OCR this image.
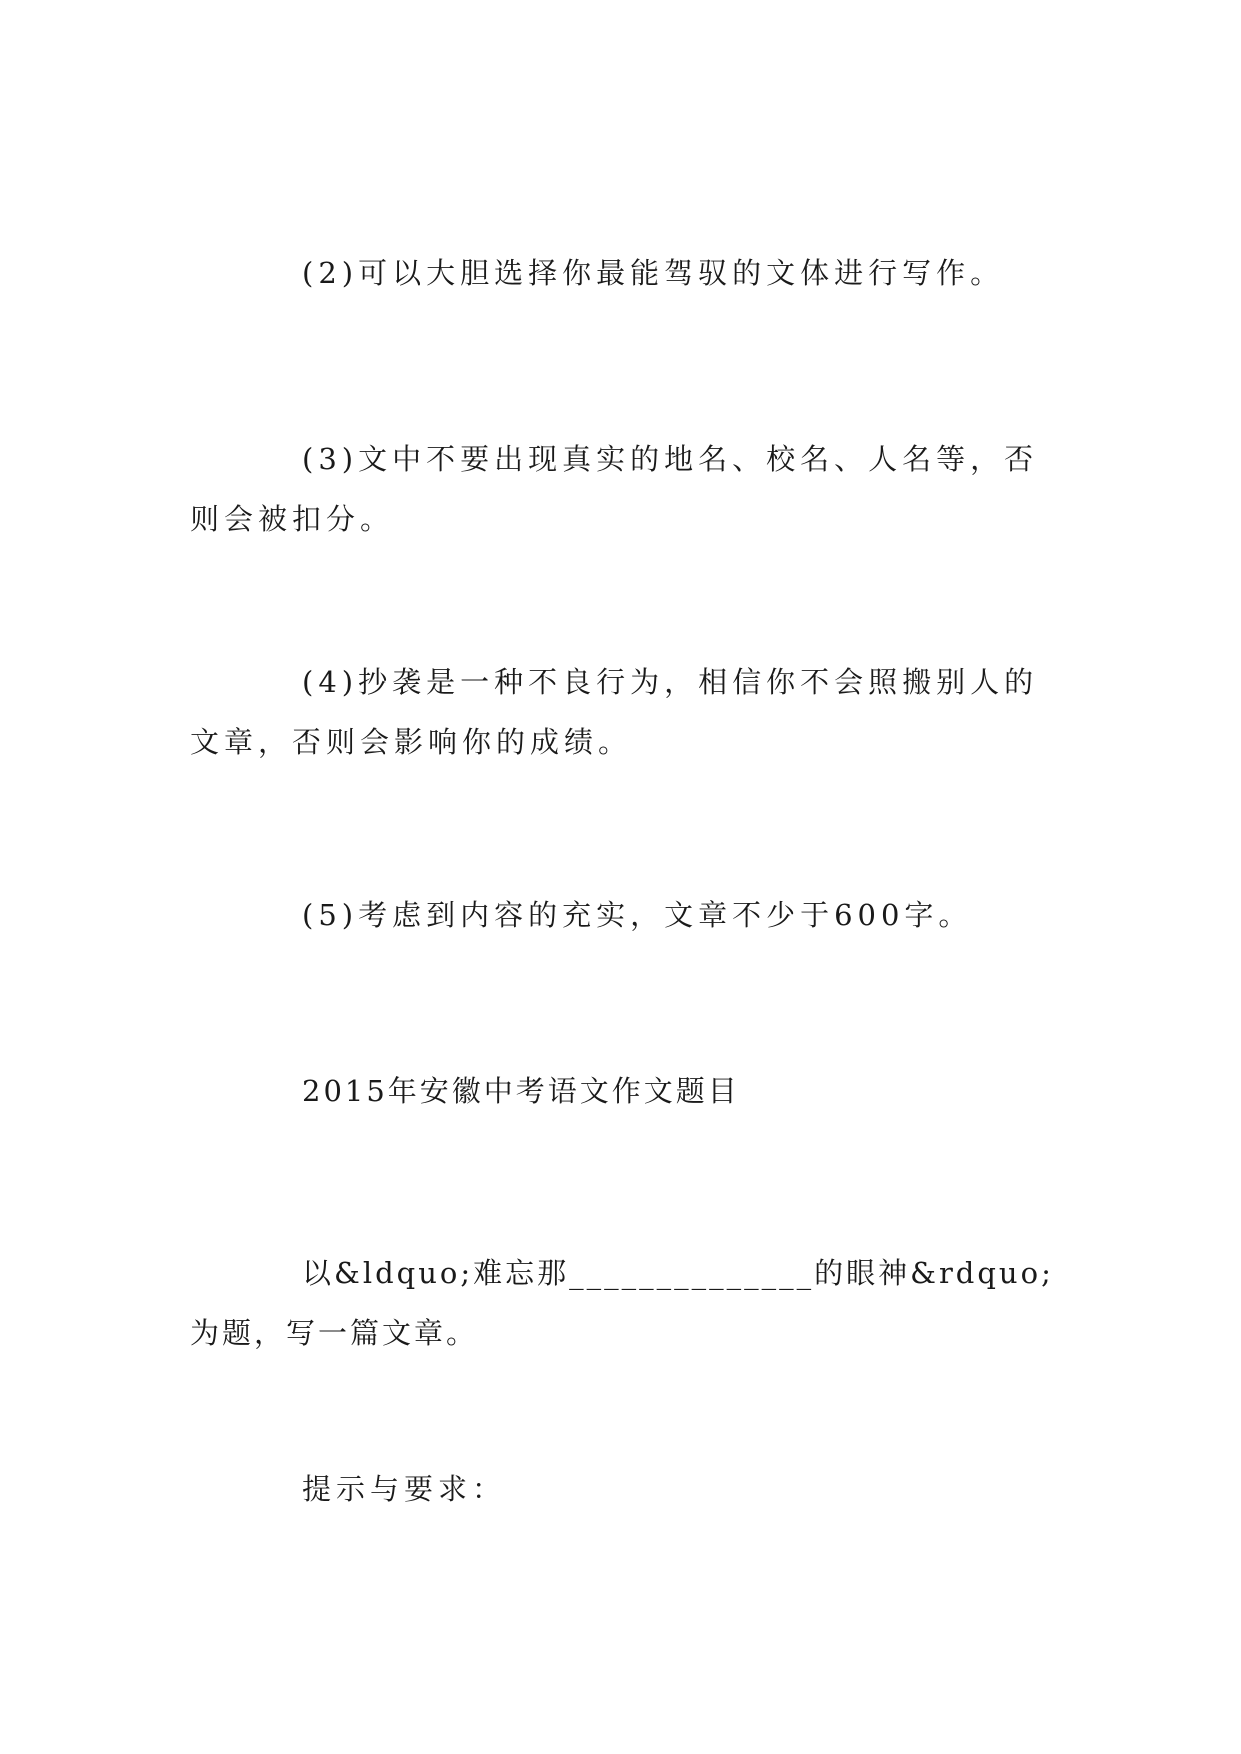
(2)可以大胆选择你最能驾驭的文体进行写作。

(3)文中不要出现真实的地名、校名、人名等，否则会被扣分。

(4)抄袭是一种不良行为，相信你不会照搬别人的文章，否则会影响你的成绩。

(5)考虑到内容的充实，文章不少于600字。

2015年安徽中考语文作文题目

以&ldquo;难忘那______________的眼神&rdquo;为题，写一篇文章。

提示与要求：
